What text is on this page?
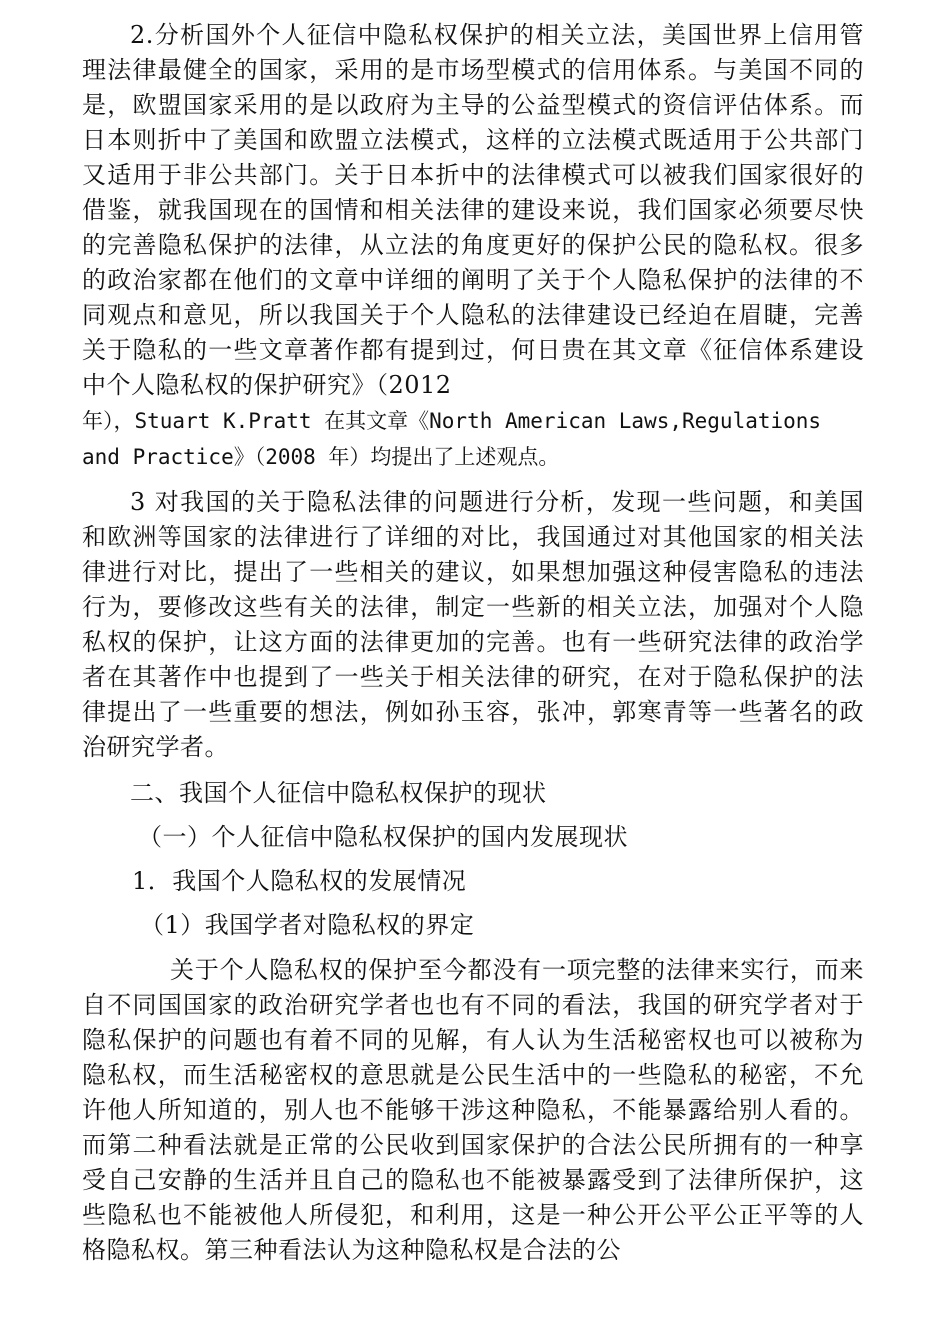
2.分析国外个人征信中隐私权保护的相关立法，美国世界上信用管理法律最健全的国家，采用的是市场型模式的信用体系。与美国不同的是，欧盟国家采用的是以政府为主导的公益型模式的资信评估体系。而日本则折中了美国和欧盟立法模式，这样的立法模式既适用于公共部门又适用于非公共部门。关于日本折中的法律模式可以被我们国家很好的借鉴，就我国现在的国情和相关法律的建设来说，我们国家必须要尽快的完善隐私保护的法律，从立法的角度更好的保护公民的隐私权。很多的政治家都在他们的文章中详细的阐明了关于个人隐私保护的法律的不同观点和意见，所以我国关于个人隐私的法律建设已经迫在眉睫，完善关于隐私的一些文章著作都有提到过，何日贵在其文章《征信体系建设中个人隐私权的保护研究》（2012

年），Stuart K.Pratt 在其文章《North American Laws,Regulations

and Practice》（2008 年）均提出了上述观点。

3 对我国的关于隐私法律的问题进行分析，发现一些问题，和美国和欧洲等国家的法律进行了详细的对比，我国通过对其他国家的相关法律进行对比，提出了一些相关的建议，如果想加强这种侵害隐私的违法行为，要修改这些有关的法律，制定一些新的相关立法，加强对个人隐私权的保护，让这方面的法律更加的完善。也有一些研究法律的政治学者在其著作中也提到了一些关于相关法律的研究，在对于隐私保护的法律提出了一些重要的想法，例如孙玉容，张冲，郭寒青等一些著名的政治研究学者。

二、我国个人征信中隐私权保护的现状

（一）个人征信中隐私权保护的国内发展现状

1．我国个人隐私权的发展情况

（1）我国学者对隐私权的界定

关于个人隐私权的保护至今都没有一项完整的法律来实行，而来自不同国国家的政治研究学者也也有不同的看法，我国的研究学者对于隐私保护的问题也有着不同的见解，有人认为生活秘密权也可以被称为隐私权，而生活秘密权的意思就是公民生活中的一些隐私的秘密，不允许他人所知道的，别人也不能够干涉这种隐私，不能暴露给别人看的。而第二种看法就是正常的公民收到国家保护的合法公民所拥有的一种享受自己安静的生活并且自己的隐私也不能被暴露受到了法律所保护，这些隐私也不能被他人所侵犯，和利用，这是一种公开公平公正平等的人格隐私权。第三种看法认为这种隐私权是合法的公
